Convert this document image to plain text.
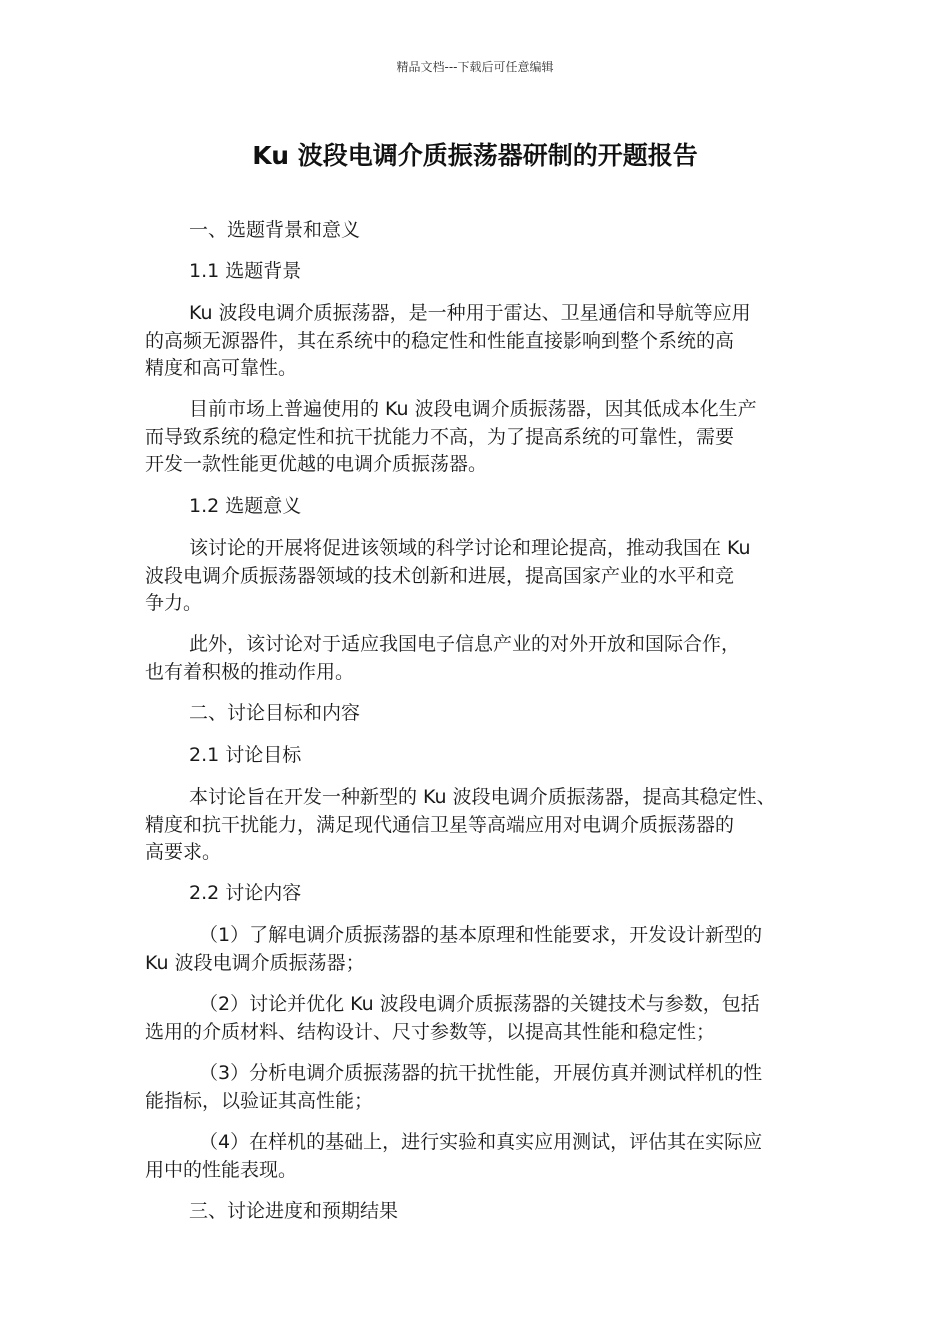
精品文档---下载后可任意编辑
Ku 波段电调介质振荡器研制的开题报告
一、选题背景和意义
1.1 选题背景
Ku 波段电调介质振荡器，是一种用于雷达、卫星通信和导航等应用
的高频无源器件，其在系统中的稳定性和性能直接影响到整个系统的高
精度和高可靠性。
目前市场上普遍使用的 Ku 波段电调介质振荡器，因其低成本化生产
而导致系统的稳定性和抗干扰能力不高，为了提高系统的可靠性，需要
开发一款性能更优越的电调介质振荡器。
1.2 选题意义
该讨论的开展将促进该领域的科学讨论和理论提高，推动我国在 Ku
波段电调介质振荡器领域的技术创新和进展，提高国家产业的水平和竞
争力。
此外，该讨论对于适应我国电子信息产业的对外开放和国际合作，
也有着积极的推动作用。
二、讨论目标和内容
2.1 讨论目标
本讨论旨在开发一种新型的 Ku 波段电调介质振荡器，提高其稳定性、
精度和抗干扰能力，满足现代通信卫星等高端应用对电调介质振荡器的
高要求。
2.2 讨论内容
（1）了解电调介质振荡器的基本原理和性能要求，开发设计新型的
Ku 波段电调介质振荡器；
（2）讨论并优化 Ku 波段电调介质振荡器的关键技术与参数，包括
选用的介质材料、结构设计、尺寸参数等，以提高其性能和稳定性；
（3）分析电调介质振荡器的抗干扰性能，开展仿真并测试样机的性
能指标，以验证其高性能；
（4）在样机的基础上，进行实验和真实应用测试，评估其在实际应
用中的性能表现。
三、讨论进度和预期结果
